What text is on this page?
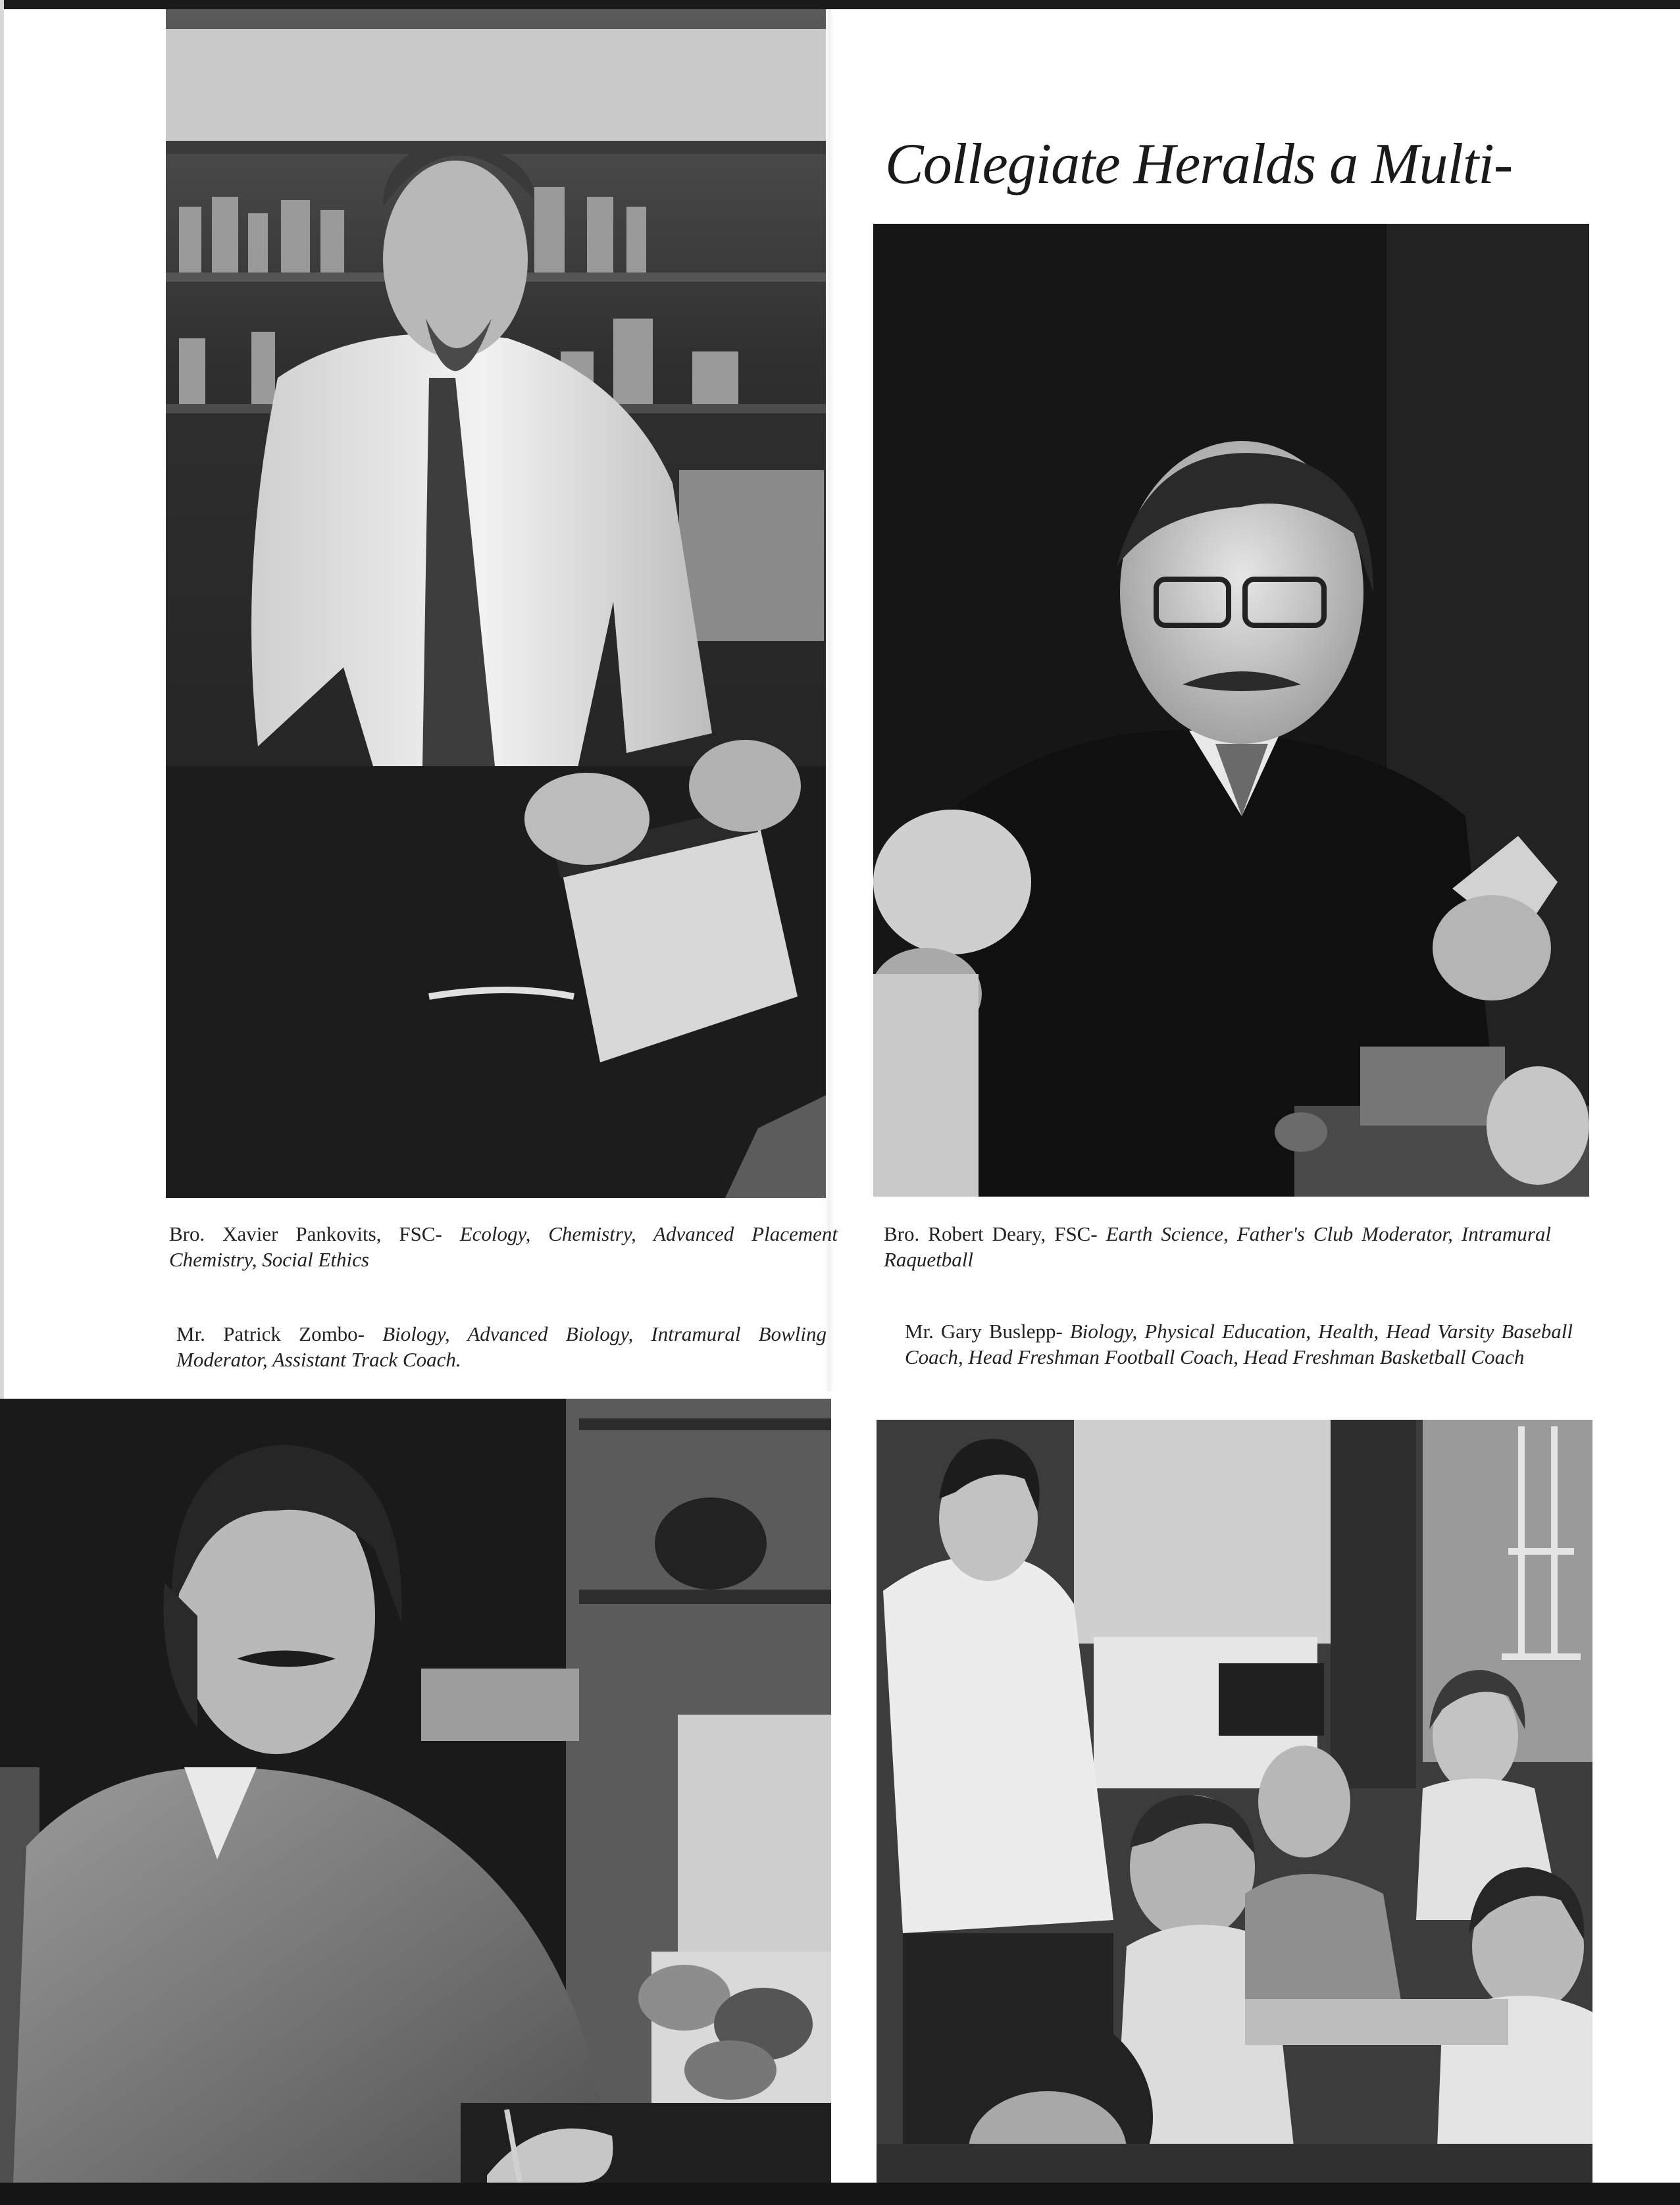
Collegiate Heralds a Multi-
Bro. Xavier Pankovits, FSC- Ecology, Chemistry, Advanced Placement Chemistry, Social Ethics
Bro. Robert Deary, FSC- Earth Science, Father's Club Moderator, Intramural Raquetball
Mr. Patrick Zombo- Biology, Advanced Biology, Intramural Bowling Moderator, Assistant Track Coach.
Mr. Gary Buslepp- Biology, Physical Education, Health, Head Varsity Baseball Coach, Head Freshman Football Coach, Head Freshman Basketball Coach
